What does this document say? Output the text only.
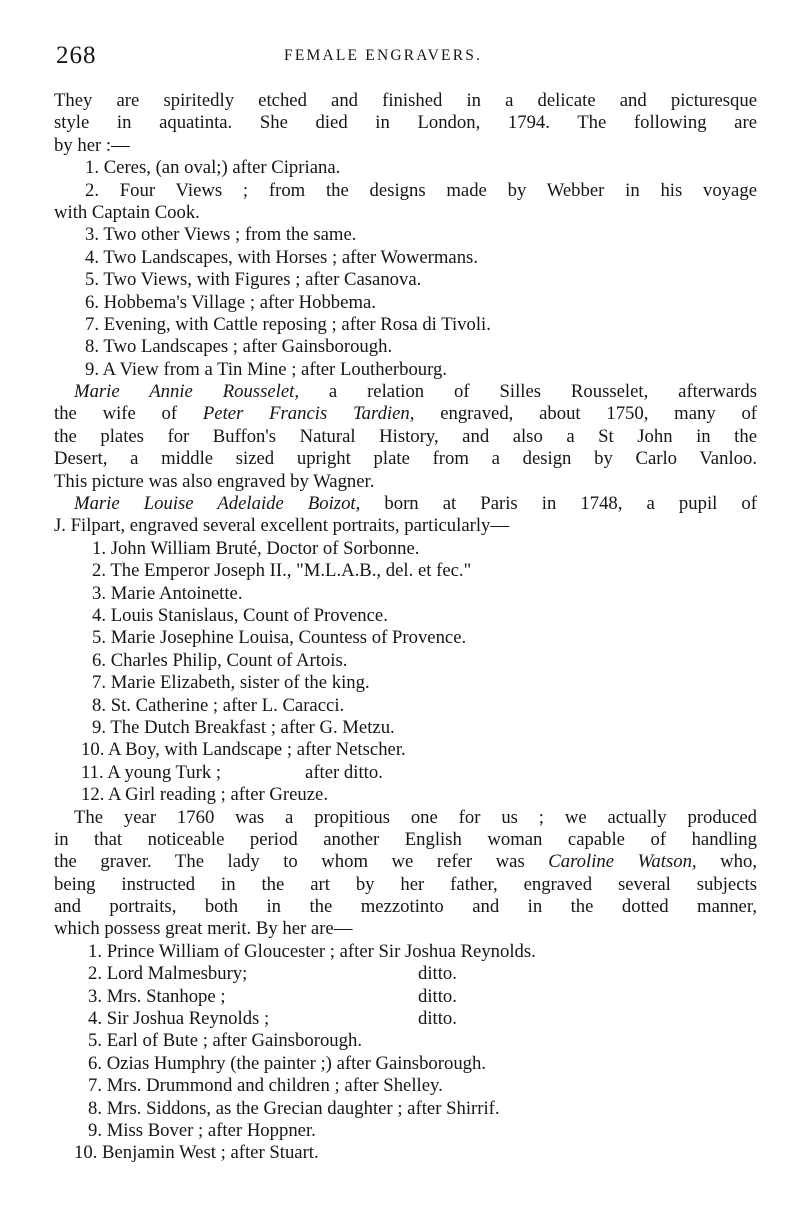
268	FEMALE ENGRAVERS.
They are spiritedly etched and finished in a delicate and picturesque
style in aquatinta. She died in London, 1794. The following are
by her :—
1. Ceres, (an oval;) after Cipriana.
2. Four Views ; from the designs made by Webber in his voyage
with Captain Cook.
3. Two other Views ; from the same.
4. Two Landscapes, with Horses ; after Wowermans.
5. Two Views, with Figures ; after Casanova.
6. Hobbema's Village ; after Hobbema.
7. Evening, with Cattle reposing ; after Rosa di Tivoli.
8. Two Landscapes ; after Gainsborough.
9. A View from a Tin Mine ; after Loutherbourg.
Marie Annie Rousselet, a relation of Silles Rousselet, afterwards
the wife of Peter Francis Tardien, engraved, about 1750, many of
the plates for Buffon's Natural History, and also a St John in the
Desert, a middle sized upright plate from a design by Carlo Vanloo.
This picture was also engraved by Wagner.
Marie Louise Adelaide Boizot, born at Paris in 1748, a pupil of
J. Filpart, engraved several excellent portraits, particularly—
1. John William Bruté, Doctor of Sorbonne.
2. The Emperor Joseph II., "M.L.A.B., del. et fec."
3. Marie Antoinette.
4. Louis Stanislaus, Count of Provence.
5. Marie Josephine Louisa, Countess of Provence.
6. Charles Philip, Count of Artois.
7. Marie Elizabeth, sister of the king.
8. St. Catherine ; after L. Caracci.
9. The Dutch Breakfast ; after G. Metzu.
10. A Boy, with Landscape ; after Netscher.
11. A young Turk ;	after ditto.
12. A Girl reading ; after Greuze.
The year 1760 was a propitious one for us ; we actually produced
in that noticeable period another English woman capable of handling
the graver. The lady to whom we refer was Caroline Watson, who,
being instructed in the art by her father, engraved several subjects
and portraits, both in the mezzotinto and in the dotted manner,
which possess great merit. By her are—
1. Prince William of Gloucester ; after Sir Joshua Reynolds.
2. Lord Malmesbury;	ditto.
3. Mrs. Stanhope ;	ditto.
4. Sir Joshua Reynolds ;	ditto.
5. Earl of Bute ; after Gainsborough.
6. Ozias Humphry (the painter ;) after Gainsborough.
7. Mrs. Drummond and children ; after Shelley.
8. Mrs. Siddons, as the Grecian daughter ; after Shirrif.
9. Miss Bover ; after Hoppner.
10. Benjamin West ; after Stuart.
